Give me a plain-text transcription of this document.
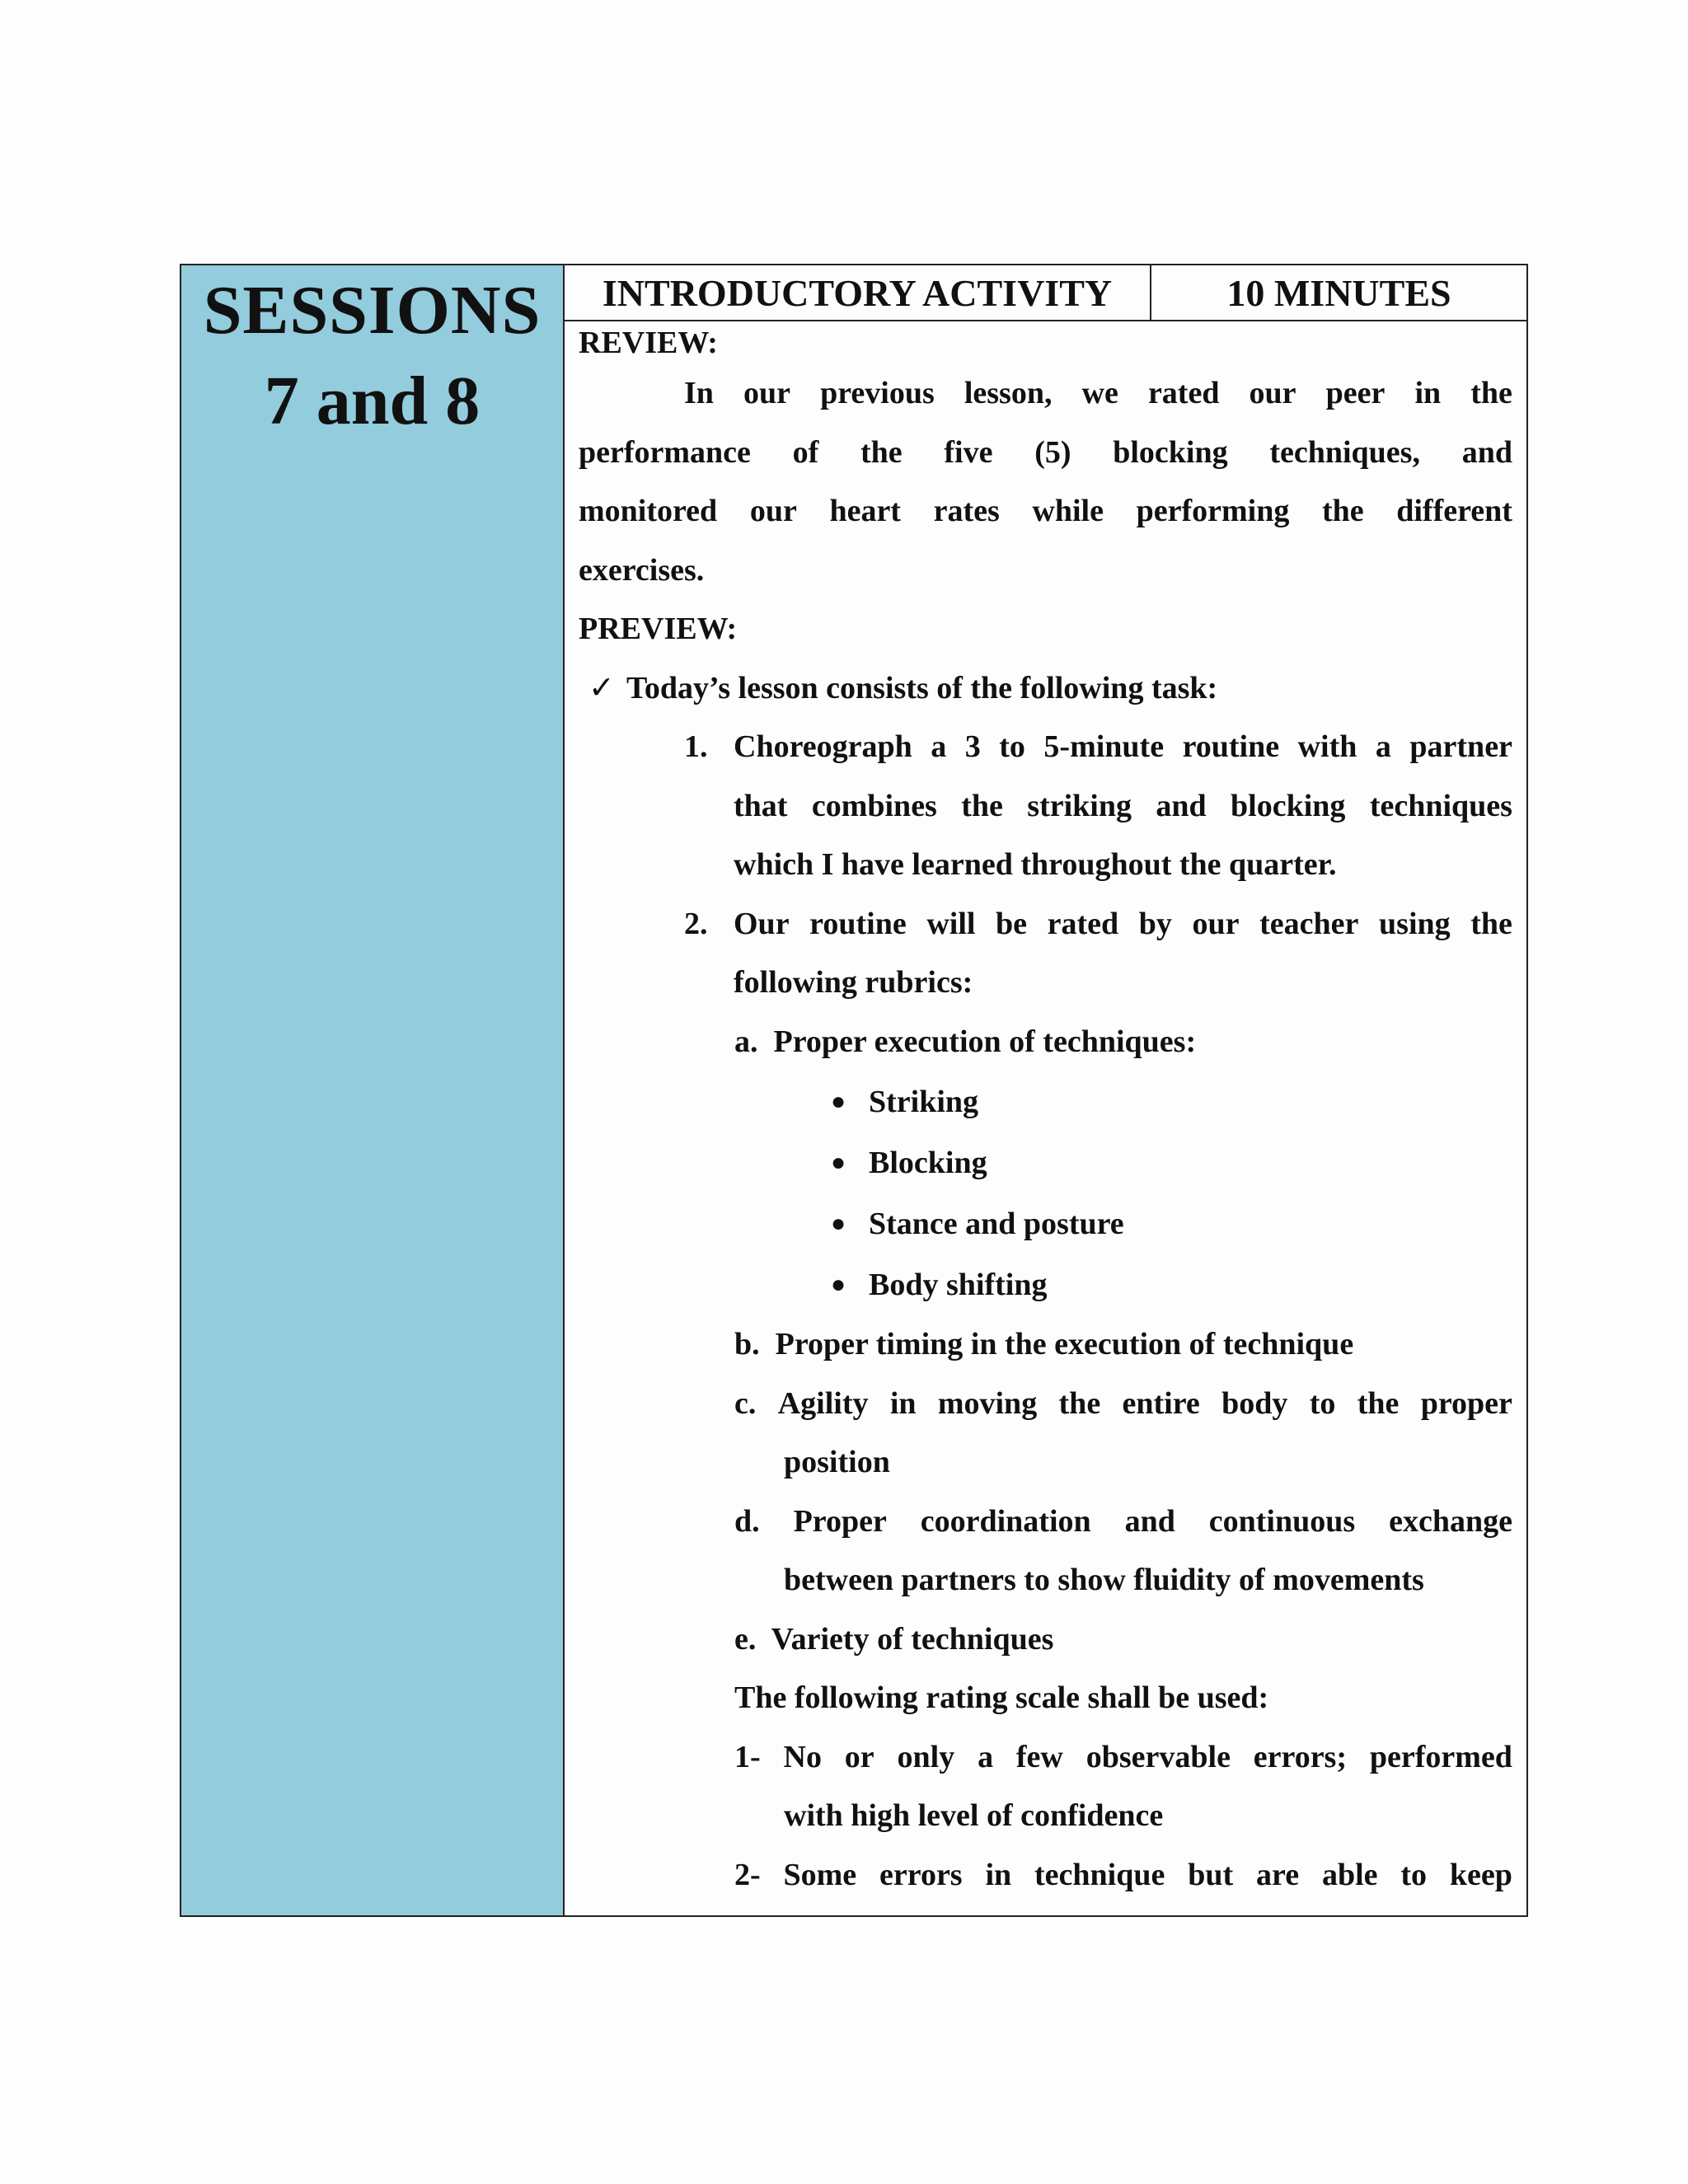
SESSIONS
7 and 8
INTRODUCTORY ACTIVITY	10 MINUTES
REVIEW:
In our previous lesson, we rated our peer in the
performance of the five (5) blocking techniques, and
monitored our heart rates while performing the different
exercises.
PREVIEW:
✓ Today’s lesson consists of the following task:
1. Choreograph a 3 to 5-minute routine with a partner
that combines the striking and blocking techniques
which I have learned throughout the quarter.
2. Our routine will be rated by our teacher using the
following rubrics:
a.  Proper execution of techniques:
● Striking
● Blocking
● Stance and posture
● Body shifting
b.  Proper timing in the execution of technique
c. Agility in moving the entire body to the proper
position
d. Proper coordination and continuous exchange
between partners to show fluidity of movements
e.  Variety of techniques
The following rating scale shall be used:
1- No or only a few observable errors; performed
with high level of confidence
2- Some errors in technique but are able to keep
